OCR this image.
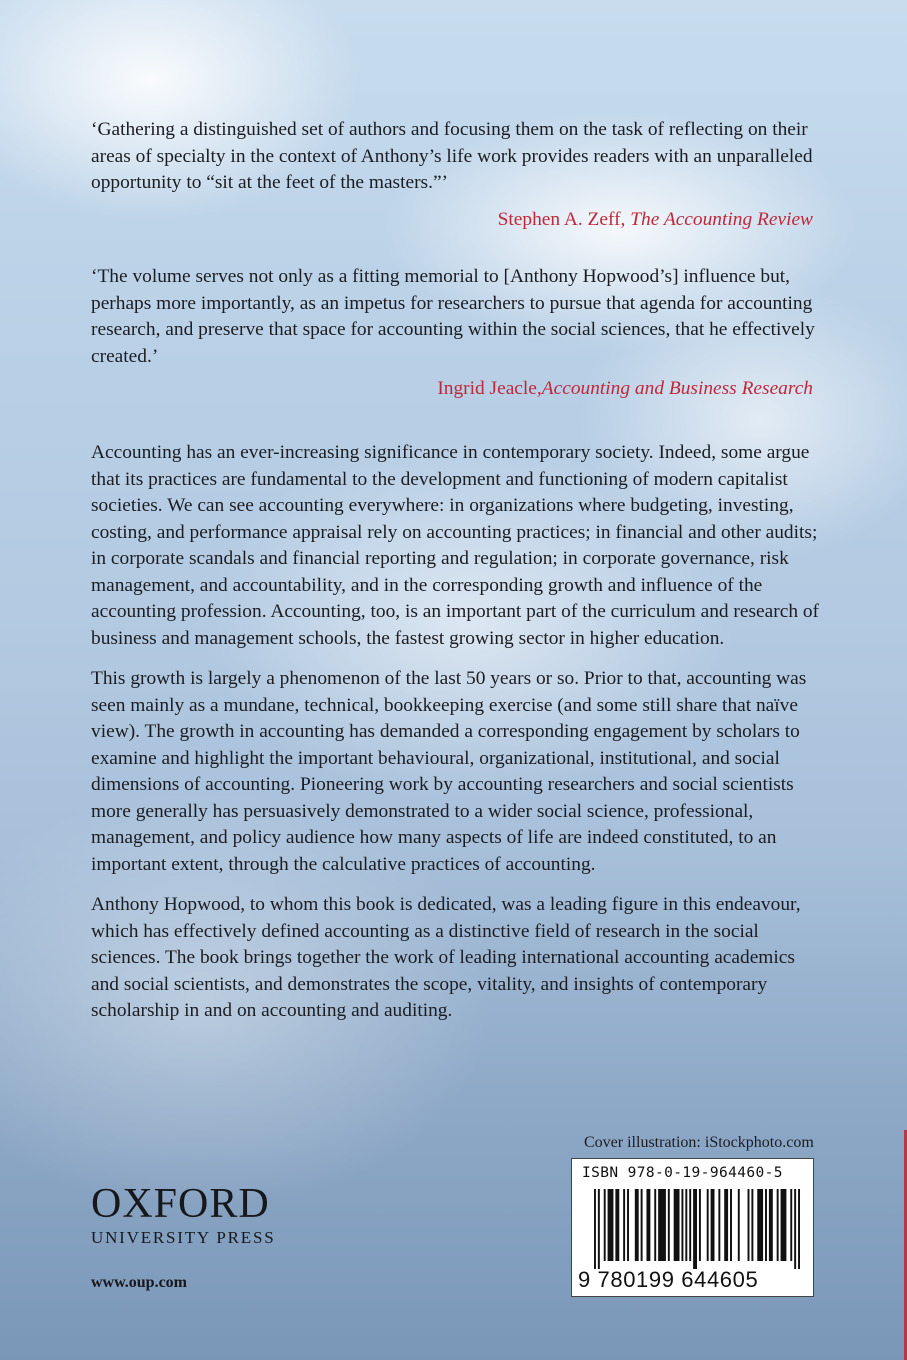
‘Gathering a distinguished set of authors and focusing them on the task of reflecting on their areas of specialty in the context of Anthony’s life work provides readers with an unparalleled opportunity to “sit at the feet of the masters.”’
Stephen A. Zeff, The Accounting Review
‘The volume serves not only as a fitting memorial to [Anthony Hopwood’s] influence but, perhaps more importantly, as an impetus for researchers to pursue that agenda for accounting research, and preserve that space for accounting within the social sciences, that he effectively created.’
Ingrid Jeacle,Accounting and Business Research

Accounting has an ever-increasing significance in contemporary society. Indeed, some argue that its practices are fundamental to the development and functioning of modern capitalist societies. We can see accounting everywhere: in organizations where budgeting, investing, costing, and performance appraisal rely on accounting practices; in financial and other audits; in corporate scandals and financial reporting and regulation; in corporate governance, risk management, and accountability, and in the corresponding growth and influence of the accounting profession. Accounting, too, is an important part of the curriculum and research of business and management schools, the fastest growing sector in higher education.

This growth is largely a phenomenon of the last 50 years or so. Prior to that, accounting was seen mainly as a mundane, technical, bookkeeping exercise (and some still share that naïve view). The growth in accounting has demanded a corresponding engagement by scholars to examine and highlight the important behavioural, organizational, institutional, and social dimensions of accounting. Pioneering work by accounting researchers and social scientists more generally has persuasively demonstrated to a wider social science, professional, management, and policy audience how many aspects of life are indeed constituted, to an important extent, through the calculative practices of accounting.

Anthony Hopwood, to whom this book is dedicated, was a leading figure in this endeavour, which has effectively defined accounting as a distinctive field of research in the social sciences. The book brings together the work of leading international accounting academics and social scientists, and demonstrates the scope, vitality, and insights of contemporary scholarship in and on accounting and auditing.

Cover illustration: iStockphoto.com
ISBN 978-0-19-964460-5
9 780199 644605
OXFORD
UNIVERSITY PRESS
www.oup.com
